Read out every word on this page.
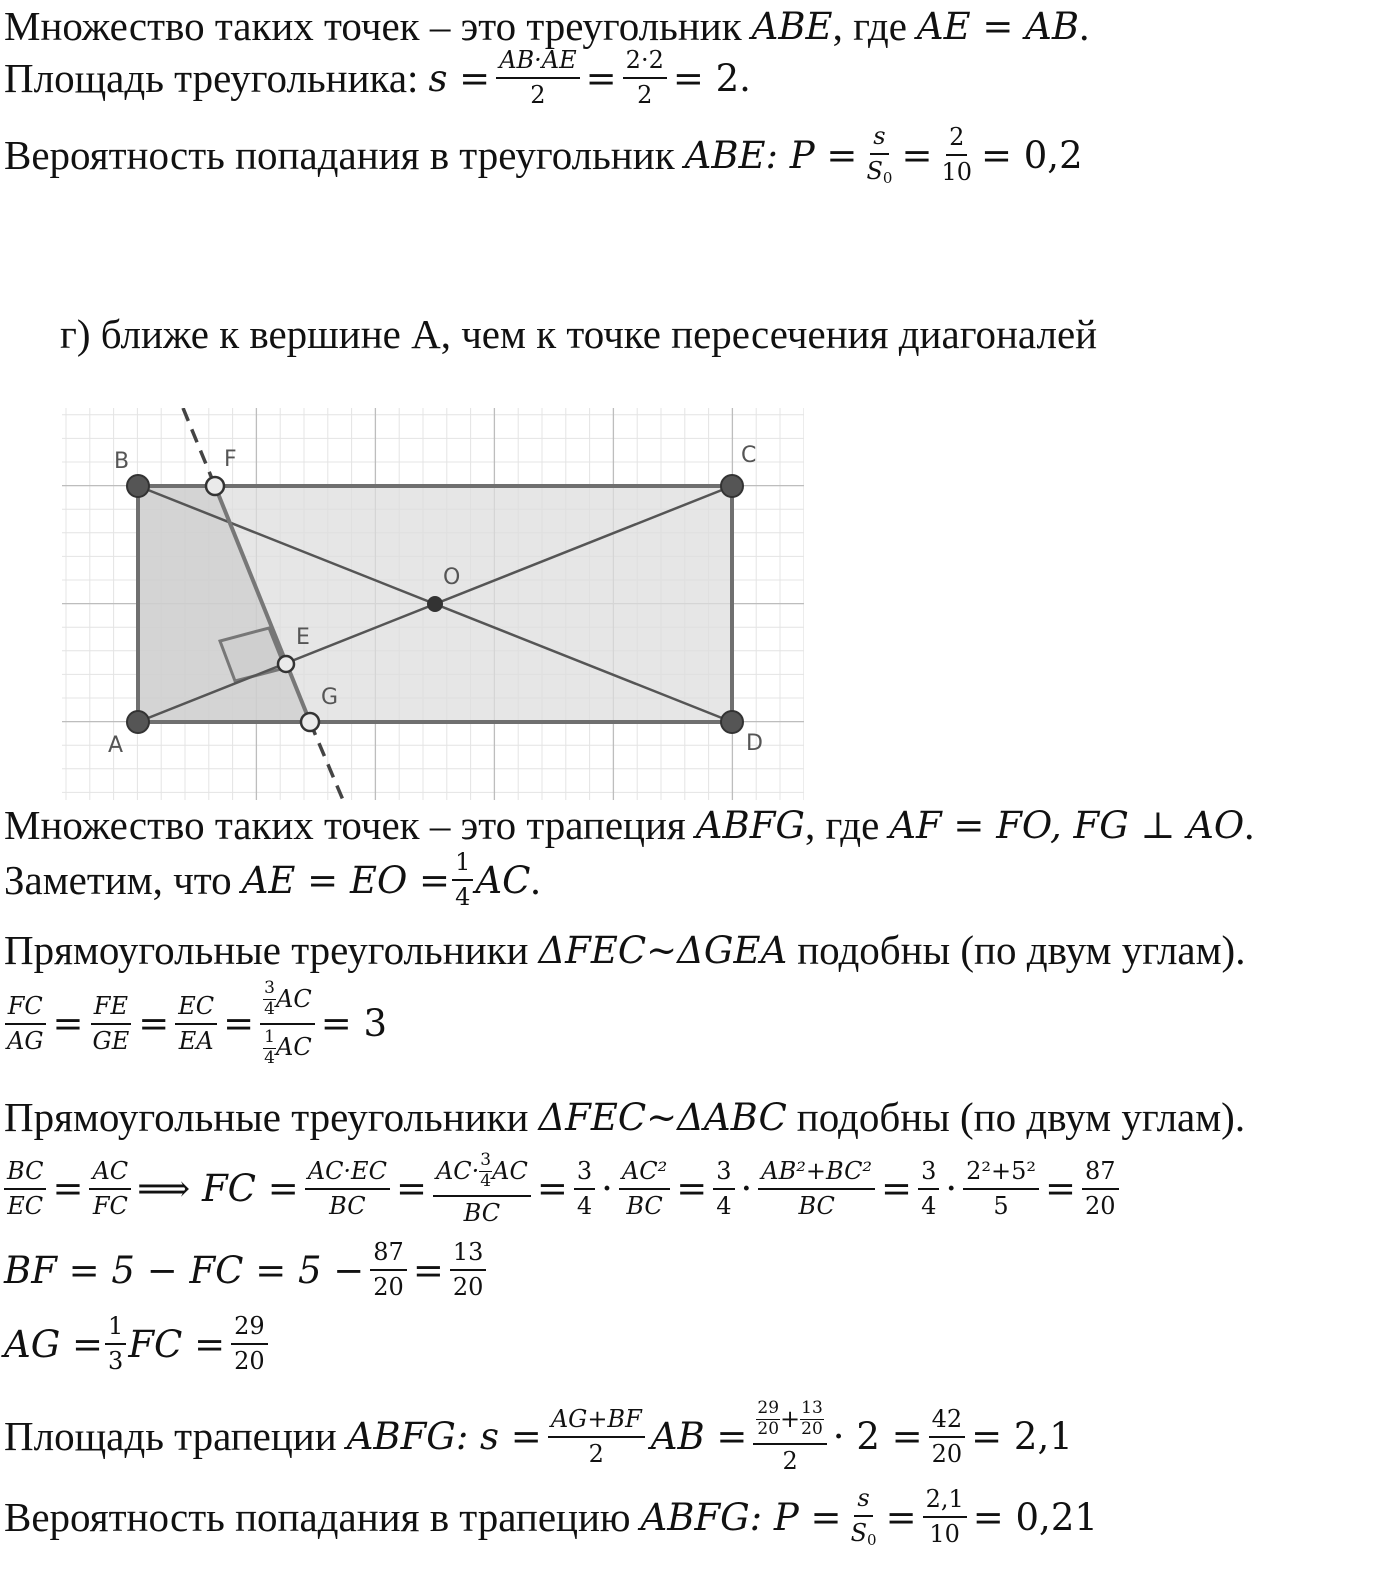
Множество таких точек – это треугольник ABE , где AE = AB .
Площадь треугольника: $s = \frac{AB\cdot AE}{2} = \frac{2\cdot 2}{2} = 2$.
Вероятность попадания в треугольник ABE : $P = \frac{s}{S_0} = \frac{2}{10} = 0,2$
г) ближе к вершине А, чем к точке пересечения диагоналей
A
B	C
D
O
E
F
G
Множество таких точек – это трапеция ABFG , где AF = FO, FG ⊥ AO .
Заметим, что AE = EO = $\frac{1}{4}$ AC .
Прямоугольные треугольники ΔFEC~ΔGEA подобны (по двум углам).
$\frac{FC}{AG} = \frac{FE}{GE} = \frac{EC}{EA} = \frac{\frac{3}{4} AC}{\frac{1}{4} AC} = 3$
Прямоугольные треугольники ΔFEC~ΔABC подобны (по двум углам).
$\frac{BC}{EC} = \frac{AC}{FC}$ ⟹ FC = $\frac{AC\cdot EC}{BC} = \frac{AC\cdot \frac{3}{4} AC}{BC} = \frac{3}{4} \cdot \frac{\text{AC²}}{BC} = \frac{3}{4} \cdot \frac{\text{AB²+BC²}}{BC} = \frac{3}{4} \cdot \frac{\text{2²+5²}}{5} = \frac{87}{20}$
BF = 5 − FC = $5 - \frac{87}{20} = \frac{13}{20}$
AG = $\frac{1}{3}$ FC = $\frac{29}{20}$
Площадь трапеции ABFG : $s = \frac{AG+BF}{2}$ AB = $\frac{\frac{29}{20} + \frac{13}{20}}{2} \cdot 2 = \frac{42}{20} = 2,1$
Вероятность попадания в трапецию ABFG : $P = \frac{s}{S_0} = \frac{2,1}{10} = 0,21$
